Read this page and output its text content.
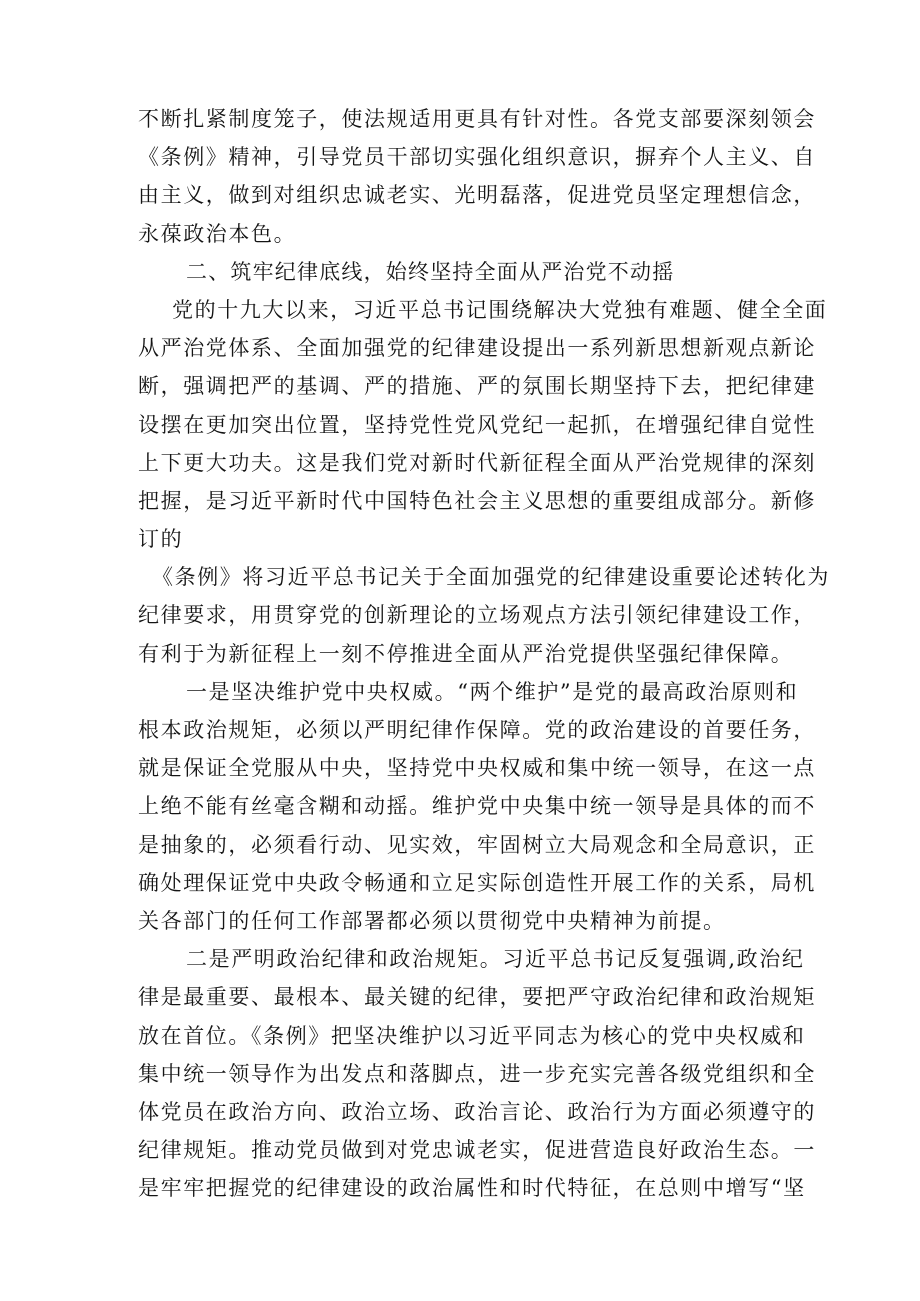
不断扎紧制度笼子，使法规适用更具有针对性。各党支部要深刻领会
《条例》精神，引导党员干部切实强化组织意识，摒弃个人主义、自
由主义，做到对组织忠诚老实、光明磊落，促进党员坚定理想信念，
永葆政治本色。
二、筑牢纪律底线，始终坚持全面从严治党不动摇
党的十九大以来，习近平总书记围绕解决大党独有难题、健全全面
从严治党体系、全面加强党的纪律建设提出一系列新思想新观点新论
断，强调把严的基调、严的措施、严的氛围长期坚持下去，把纪律建
设摆在更加突出位置，坚持党性党风党纪一起抓，在增强纪律自觉性
上下更大功夫。这是我们党对新时代新征程全面从严治党规律的深刻
把握，是习近平新时代中国特色社会主义思想的重要组成部分。新修
订的
《条例》将习近平总书记关于全面加强党的纪律建设重要论述转化为
纪律要求，用贯穿党的创新理论的立场观点方法引领纪律建设工作，
有利于为新征程上一刻不停推进全面从严治党提供坚强纪律保障。
一是坚决维护党中央权威。“两个维护”是党的最高政治原则和
根本政治规矩，必须以严明纪律作保障。党的政治建设的首要任务，
就是保证全党服从中央，坚持党中央权威和集中统一领导，在这一点
上绝不能有丝毫含糊和动摇。维护党中央集中统一领导是具体的而不
是抽象的，必须看行动、见实效，牢固树立大局观念和全局意识，正
确处理保证党中央政令畅通和立足实际创造性开展工作的关系，局机
关各部门的任何工作部署都必须以贯彻党中央精神为前提。
二是严明政治纪律和政治规矩。习近平总书记反复强调,政治纪
律是最重要、最根本、最关键的纪律，要把严守政治纪律和政治规矩
放在首位。《条例》把坚决维护以习近平同志为核心的党中央权威和
集中统一领导作为出发点和落脚点，进一步充实完善各级党组织和全
体党员在政治方向、政治立场、政治言论、政治行为方面必须遵守的
纪律规矩。推动党员做到对党忠诚老实，促进营造良好政治生态。一
是牢牢把握党的纪律建设的政治属性和时代特征，在总则中增写“坚
